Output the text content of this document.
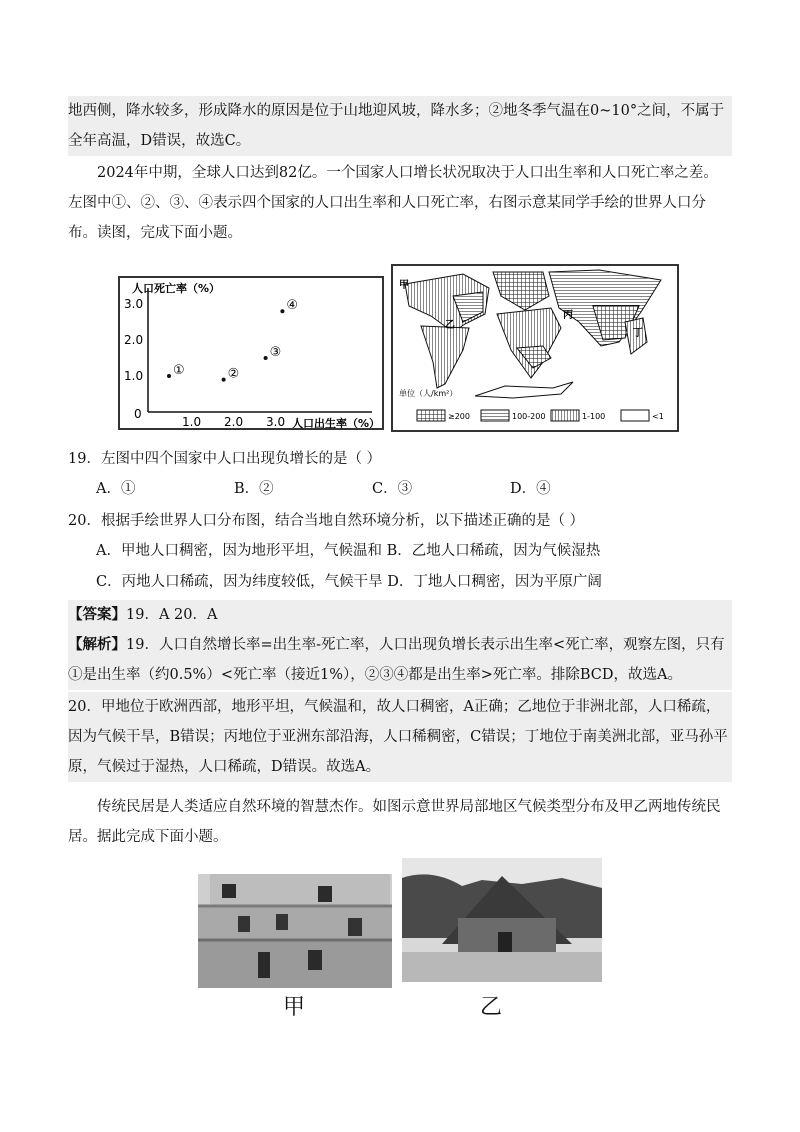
地西侧，降水较多，形成降水的原因是位于山地迎风坡，降水多；②地冬季气温在0~10°之间，不属于全年高温，D错误，故选C。
2024年中期，全球人口达到82亿。一个国家人口增长状况取决于人口出生率和人口死亡率之差。左图中①、②、③、④表示四个国家的人口出生率和人口死亡率，右图示意某同学手绘的世界人口分布。读图，完成下面小题。
人口死亡率（%）
人口出生率（%）
0
1.0 2.0 3.0
1.0
2.0
3.0
①	②
③
④
甲
乙
丙
丁
单位（人/km²）
≥200	100-200	1-100	<1
19．左图中四个国家中人口出现负增长的是（ ）
A．①	B．②	C．③	D．④
20．根据手绘世界人口分布图，结合当地自然环境分析，以下描述正确的是（ ）
A．甲地人口稠密，因为地形平坦，气候温和 B．乙地人口稀疏，因为气候湿热
C．丙地人口稀疏，因为纬度较低，气候干旱 D．丁地人口稠密，因为平原广阔
【答案】19．A 20．A
【解析】19．人口自然增长率=出生率-死亡率，人口出现负增长表示出生率<死亡率，观察左图，只有①是出生率（约0.5%）<死亡率（接近1%），②③④都是出生率>死亡率。排除BCD，故选A。
20．甲地位于欧洲西部，地形平坦，气候温和，故人口稠密，A正确；乙地位于非洲北部，人口稀疏，因为气候干旱，B错误；丙地位于亚洲东部沿海，人口稀稠密，C错误；丁地位于南美洲北部，亚马孙平原，气候过于湿热，人口稀疏，D错误。故选A。
传统民居是人类适应自然环境的智慧杰作。如图示意世界局部地区气候类型分布及甲乙两地传统民居。据此完成下面小题。
甲	乙
